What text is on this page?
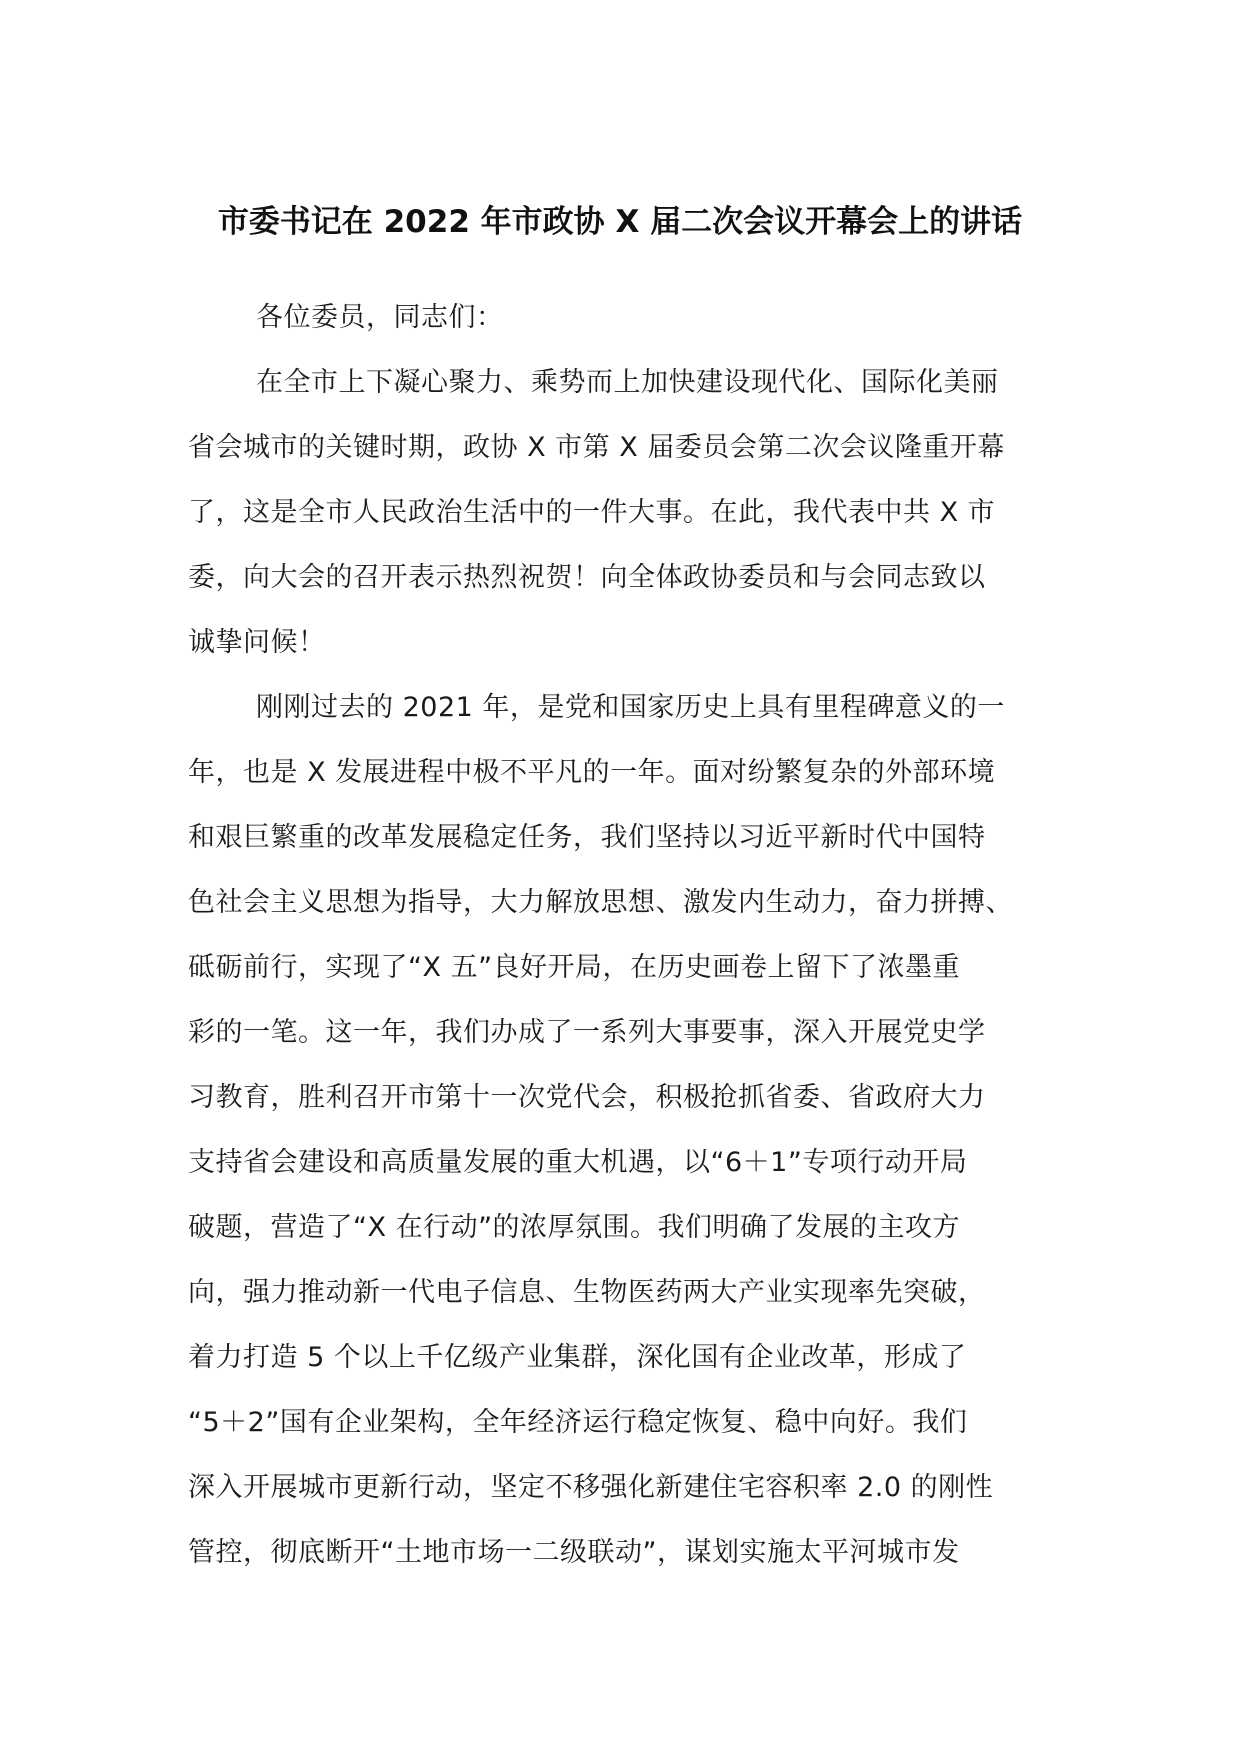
市委书记在 2022 年市政协 X 届二次会议开幕会上的讲话
各位委员，同志们：
在全市上下凝心聚力、乘势而上加快建设现代化、国际化美丽
省会城市的关键时期，政协 X 市第 X 届委员会第二次会议隆重开幕
了，这是全市人民政治生活中的一件大事。在此，我代表中共 X 市
委，向大会的召开表示热烈祝贺！向全体政协委员和与会同志致以
诚挚问候！
刚刚过去的 2021 年，是党和国家历史上具有里程碑意义的一
年，也是 X 发展进程中极不平凡的一年。面对纷繁复杂的外部环境
和艰巨繁重的改革发展稳定任务，我们坚持以习近平新时代中国特
色社会主义思想为指导，大力解放思想、激发内生动力，奋力拼搏、
砥砺前行，实现了“X 五”良好开局，在历史画卷上留下了浓墨重
彩的一笔。这一年，我们办成了一系列大事要事，深入开展党史学
习教育，胜利召开市第十一次党代会，积极抢抓省委、省政府大力
支持省会建设和高质量发展的重大机遇，以“6＋1”专项行动开局
破题，营造了“X 在行动”的浓厚氛围。我们明确了发展的主攻方
向，强力推动新一代电子信息、生物医药两大产业实现率先突破，
着力打造 5 个以上千亿级产业集群，深化国有企业改革，形成了
“5＋2”国有企业架构，全年经济运行稳定恢复、稳中向好。我们
深入开展城市更新行动，坚定不移强化新建住宅容积率 2.0 的刚性
管控，彻底断开“土地市场一二级联动”，谋划实施太平河城市发
